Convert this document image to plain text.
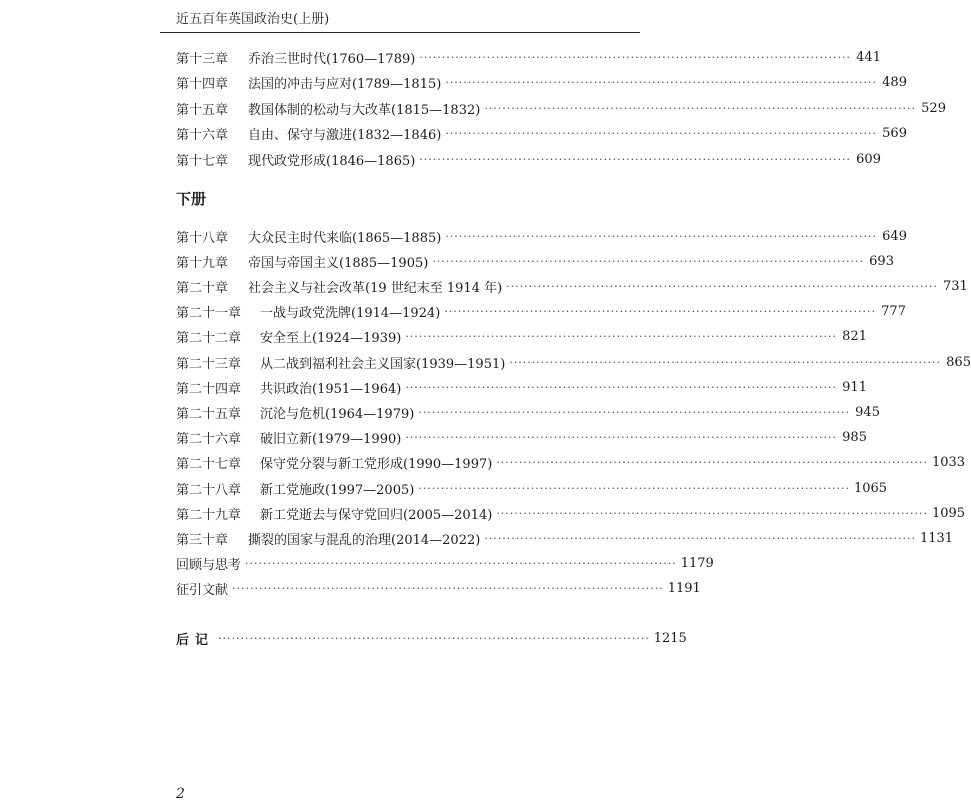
近五百年英国政治史(上册)
第十三章	乔治三世时代(1760—1789) ································································································ 441
第十四章	法国的冲击与应对(1789—1815) ································································································ 489
第十五章	教国体制的松动与大改革(1815—1832) ································································································ 529
第十六章	自由、保守与激进(1832—1846) ································································································ 569
第十七章	现代政党形成(1846—1865) ································································································ 609
下册
第十八章	大众民主时代来临(1865—1885) ································································································ 649
第十九章	帝国与帝国主义(1885—1905) ································································································ 693
第二十章	社会主义与社会改革(19 世纪末至 1914 年) ································································································ 731
第二十一章	一战与政党洗牌(1914—1924) ································································································ 777
第二十二章	安全至上(1924—1939) ································································································ 821
第二十三章	从二战到福利社会主义国家(1939—1951) ································································································ 865
第二十四章	共识政治(1951—1964) ································································································ 911
第二十五章	沉沦与危机(1964—1979) ································································································ 945
第二十六章	破旧立新(1979—1990) ································································································ 985
第二十七章	保守党分裂与新工党形成(1990—1997) ································································································ 1033
第二十八章	新工党施政(1997—2005) ································································································ 1065
第二十九章	新工党逝去与保守党回归(2005—2014) ································································································ 1095
第三十章	撕裂的国家与混乱的治理(2014—2022) ································································································ 1131
回顾与思考 ································································································ 1179
征引文献 ································································································ 1191
后记 ································································································ 1215
2
